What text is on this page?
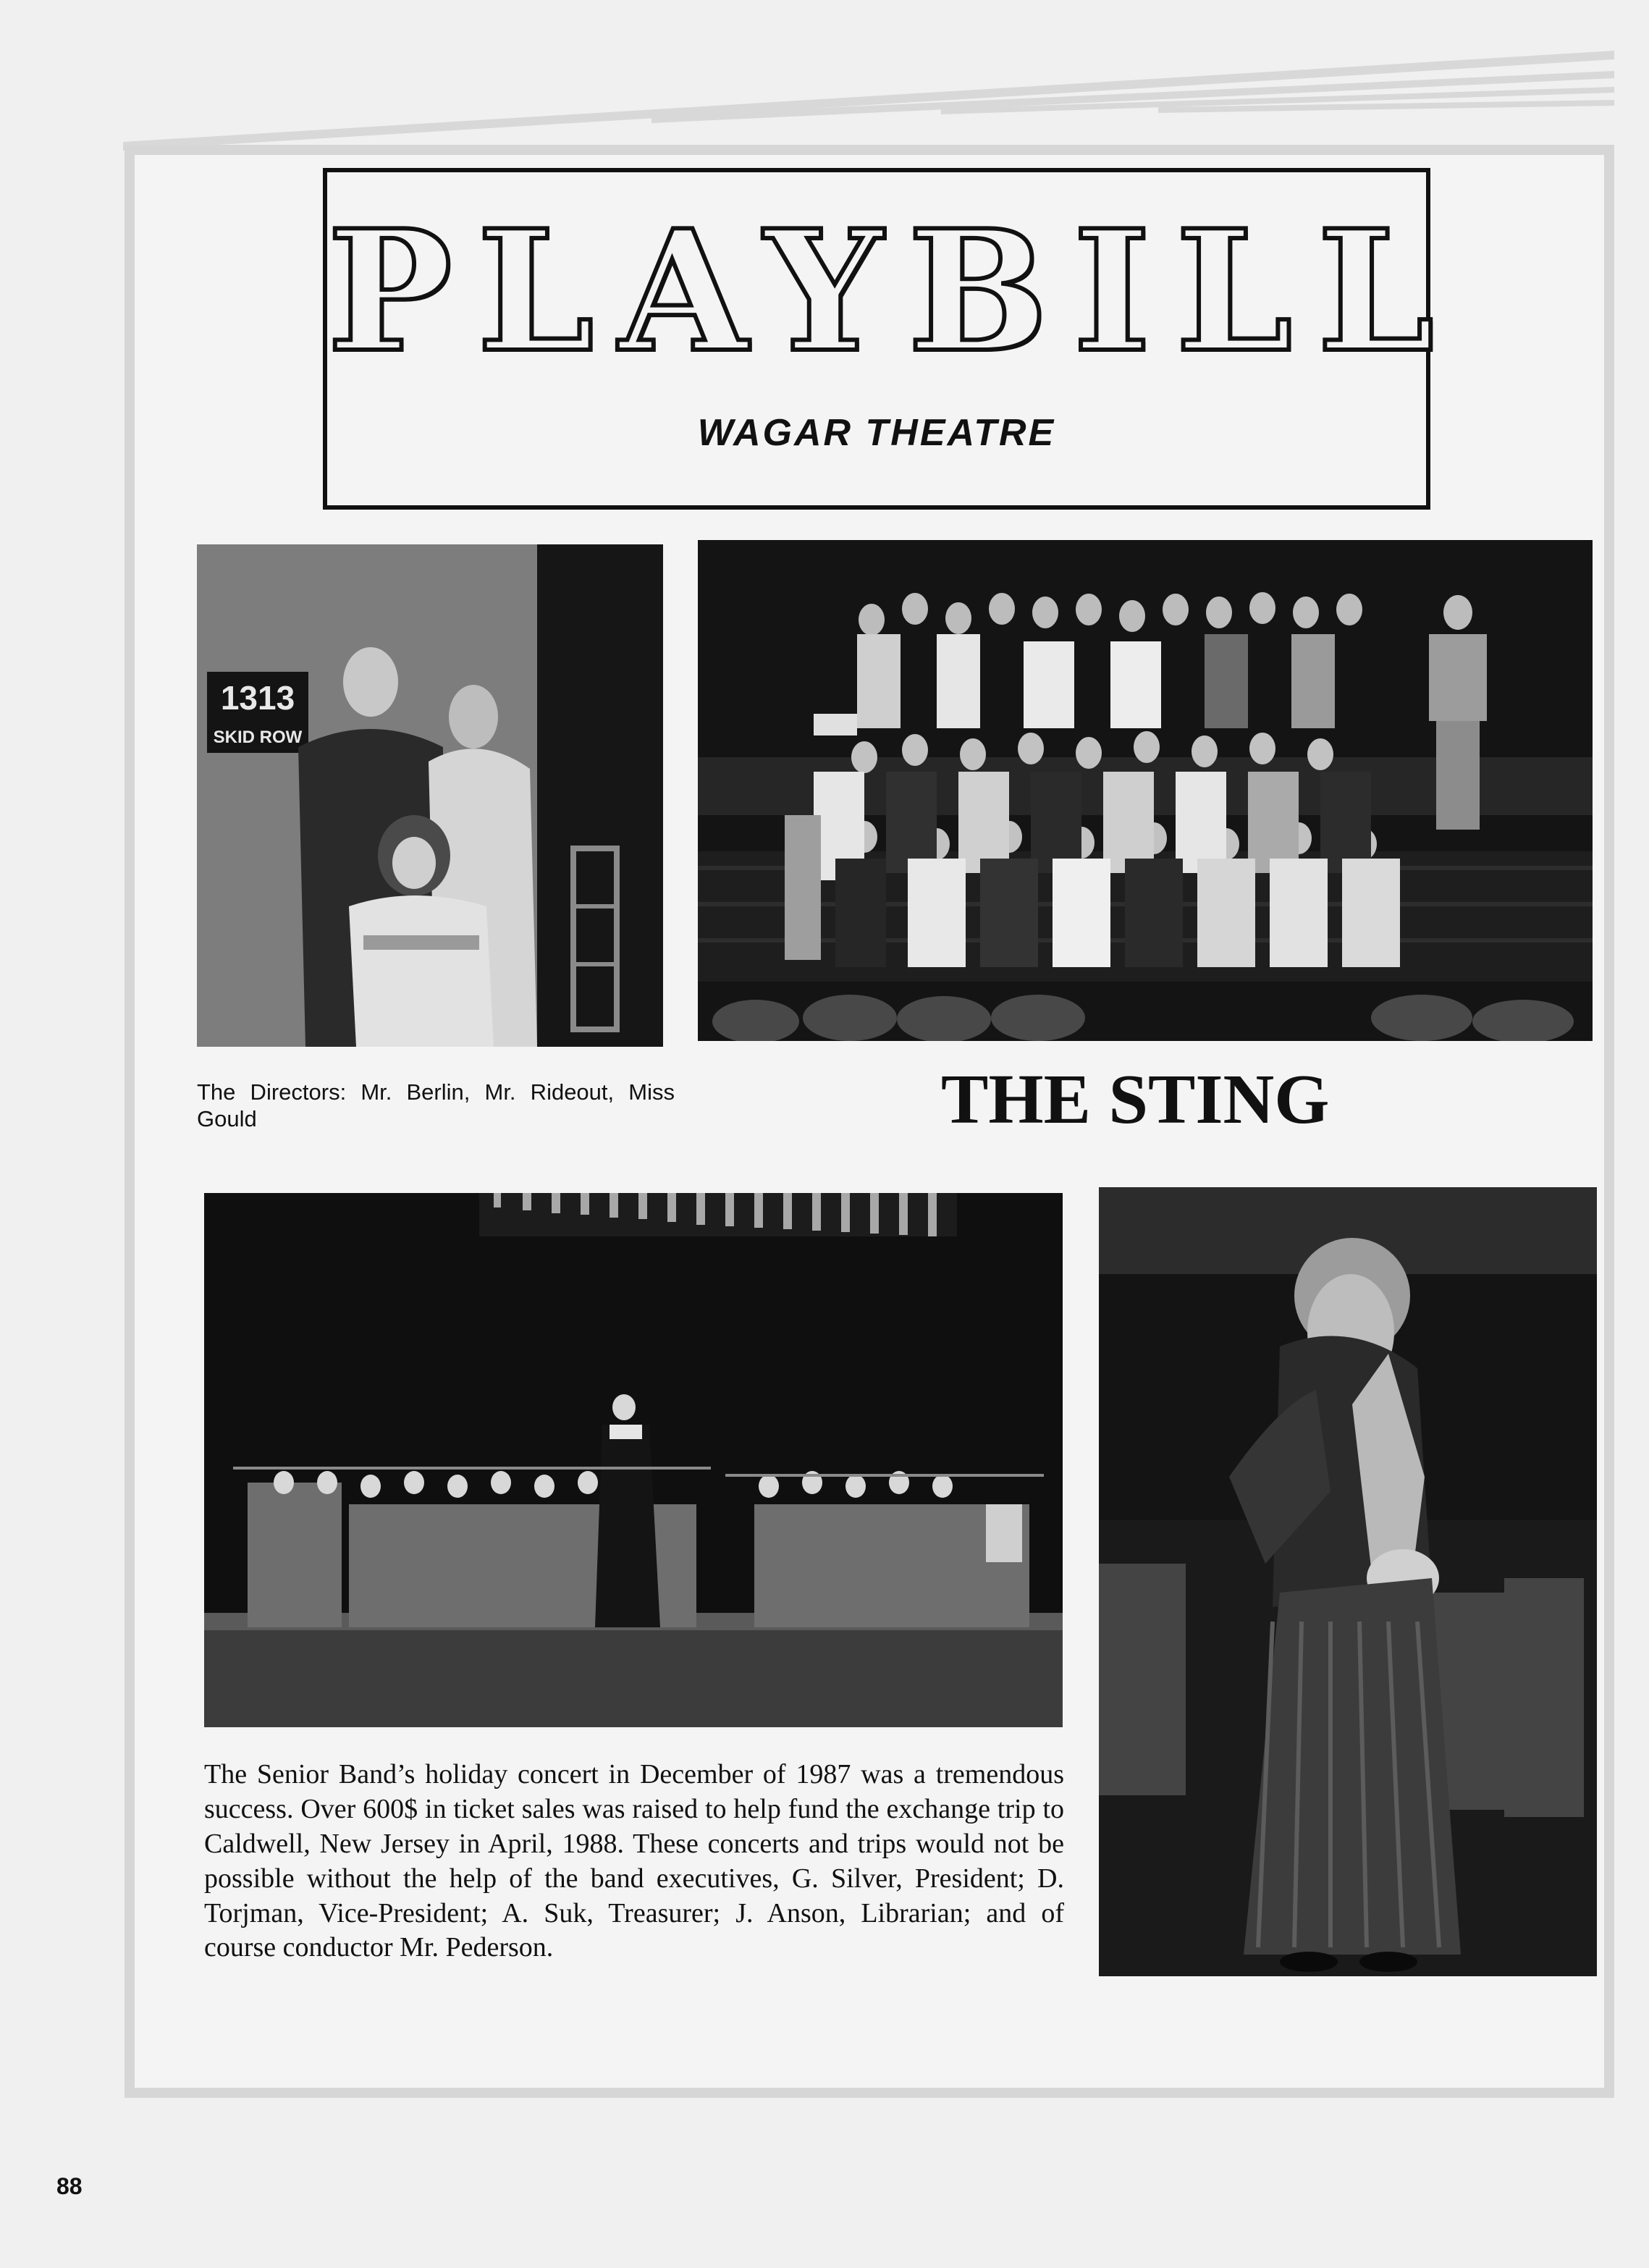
PLAYBILL
WAGAR THEATRE
1313
SKID ROW
The Directors: Mr. Berlin, Mr. Rideout, Miss Gould	THE STING
The Senior Band’s holiday concert in December of 1987 was a tremendous success. Over 600$ in ticket sales was raised to help fund the exchange trip to Caldwell, New Jersey in April, 1988. These concerts and trips would not be possible without the help of the band executives, G. Silver, President; D. Torjman, Vice-President; A. Suk, Treasurer; J. Anson, Librarian; and of course conductor Mr. Pederson.
88
